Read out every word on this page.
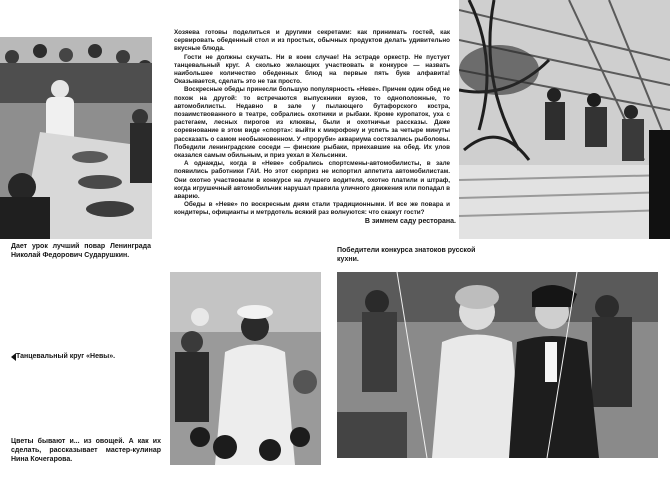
Хозяева готовы поделиться и другими секретами: как принимать гостей, как сервировать обеденный стол и из простых, обычных продуктов делать удивительно вкусные блюда.

Гости не должны скучать. Ни в коем случае! На эстраде оркестр. Не пустует танцевальный круг. А сколько желающих участвовать в конкурсе — назвать наибольшее количество обеденных блюд на первые пять букв алфавита! Оказывается, сделать это не так просто.

Воскресные обеды принесли большую популярность «Неве». Причем один обед не похож на другой: то встречаются выпускники вузов, то одноположные, то автомобилисты. Недавно в зале у пылающего бутафорского костра, позаимствованного в театре, собрались охотники и рыбаки. Кроме куропаток, уха с растегаем, лесных пирогов из клюквы, были и охотничьи рассказы. Даже соревнование в этом виде «спорта»: выйти к микрофону и успеть за четыре минуты рассказать о самом необыкновенном. У «проруби» аквариума состязались рыболовы. Победили ленинградские соседи — финские рыбаки, приехавшие на обед. Их улов оказался самым обильным, и приз уехал в Хельсинки.

А однажды, когда в «Неве» собрались спортсмены-автомобилисты, в зале появились работники ГАИ. Но этот сюрприз не испортил аппетита автомобилистам. Они охотно участвовали в конкурсе на лучшего водителя, охотно платили и штраф, когда игрушечный автомобильчик нарушал правила уличного движения или попадал в аварию.

Обеды в «Неве» по воскресным дням стали традиционными. И все же повара и кондитеры, официанты и метрдотель всякий раз волнуются: что скажут гости?

В зимнем саду ресторана.
Дает урок лучший повар Ленинграда Николай Федорович Сударушкин.
Победители конкурса знатоков русской кухни.
Танцевальный круг «Невы».
Цветы бывают и... из овощей. А как их сделать, рассказывает мастер-кулинар Нина Кочегарова.
